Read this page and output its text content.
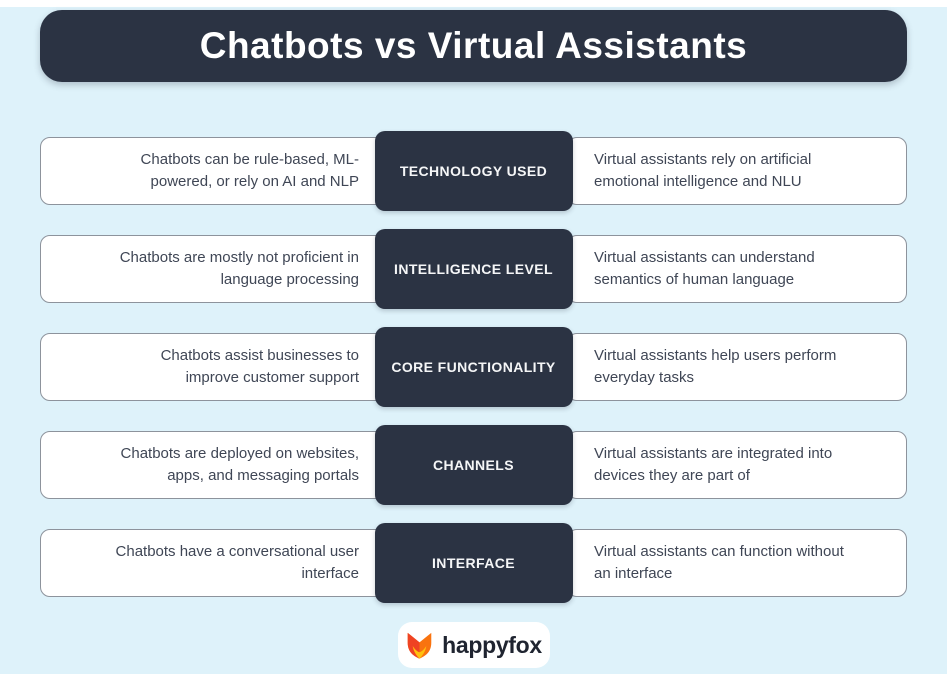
Chatbots vs Virtual Assistants

Chatbots can be rule-based, ML-powered, or rely on AI and NLP

TECHNOLOGY USED

Virtual assistants rely on artificial emotional intelligence and NLU

Chatbots are mostly not proficient in language processing

INTELLIGENCE LEVEL

Virtual assistants can understand semantics of human language

Chatbots assist businesses to improve customer support

CORE FUNCTIONALITY

Virtual assistants help users perform everyday tasks

Chatbots are deployed on websites, apps, and messaging portals

CHANNELS

Virtual assistants are integrated into devices they are part of

Chatbots have a conversational user interface

INTERFACE

Virtual assistants can function without an interface

happyfox
